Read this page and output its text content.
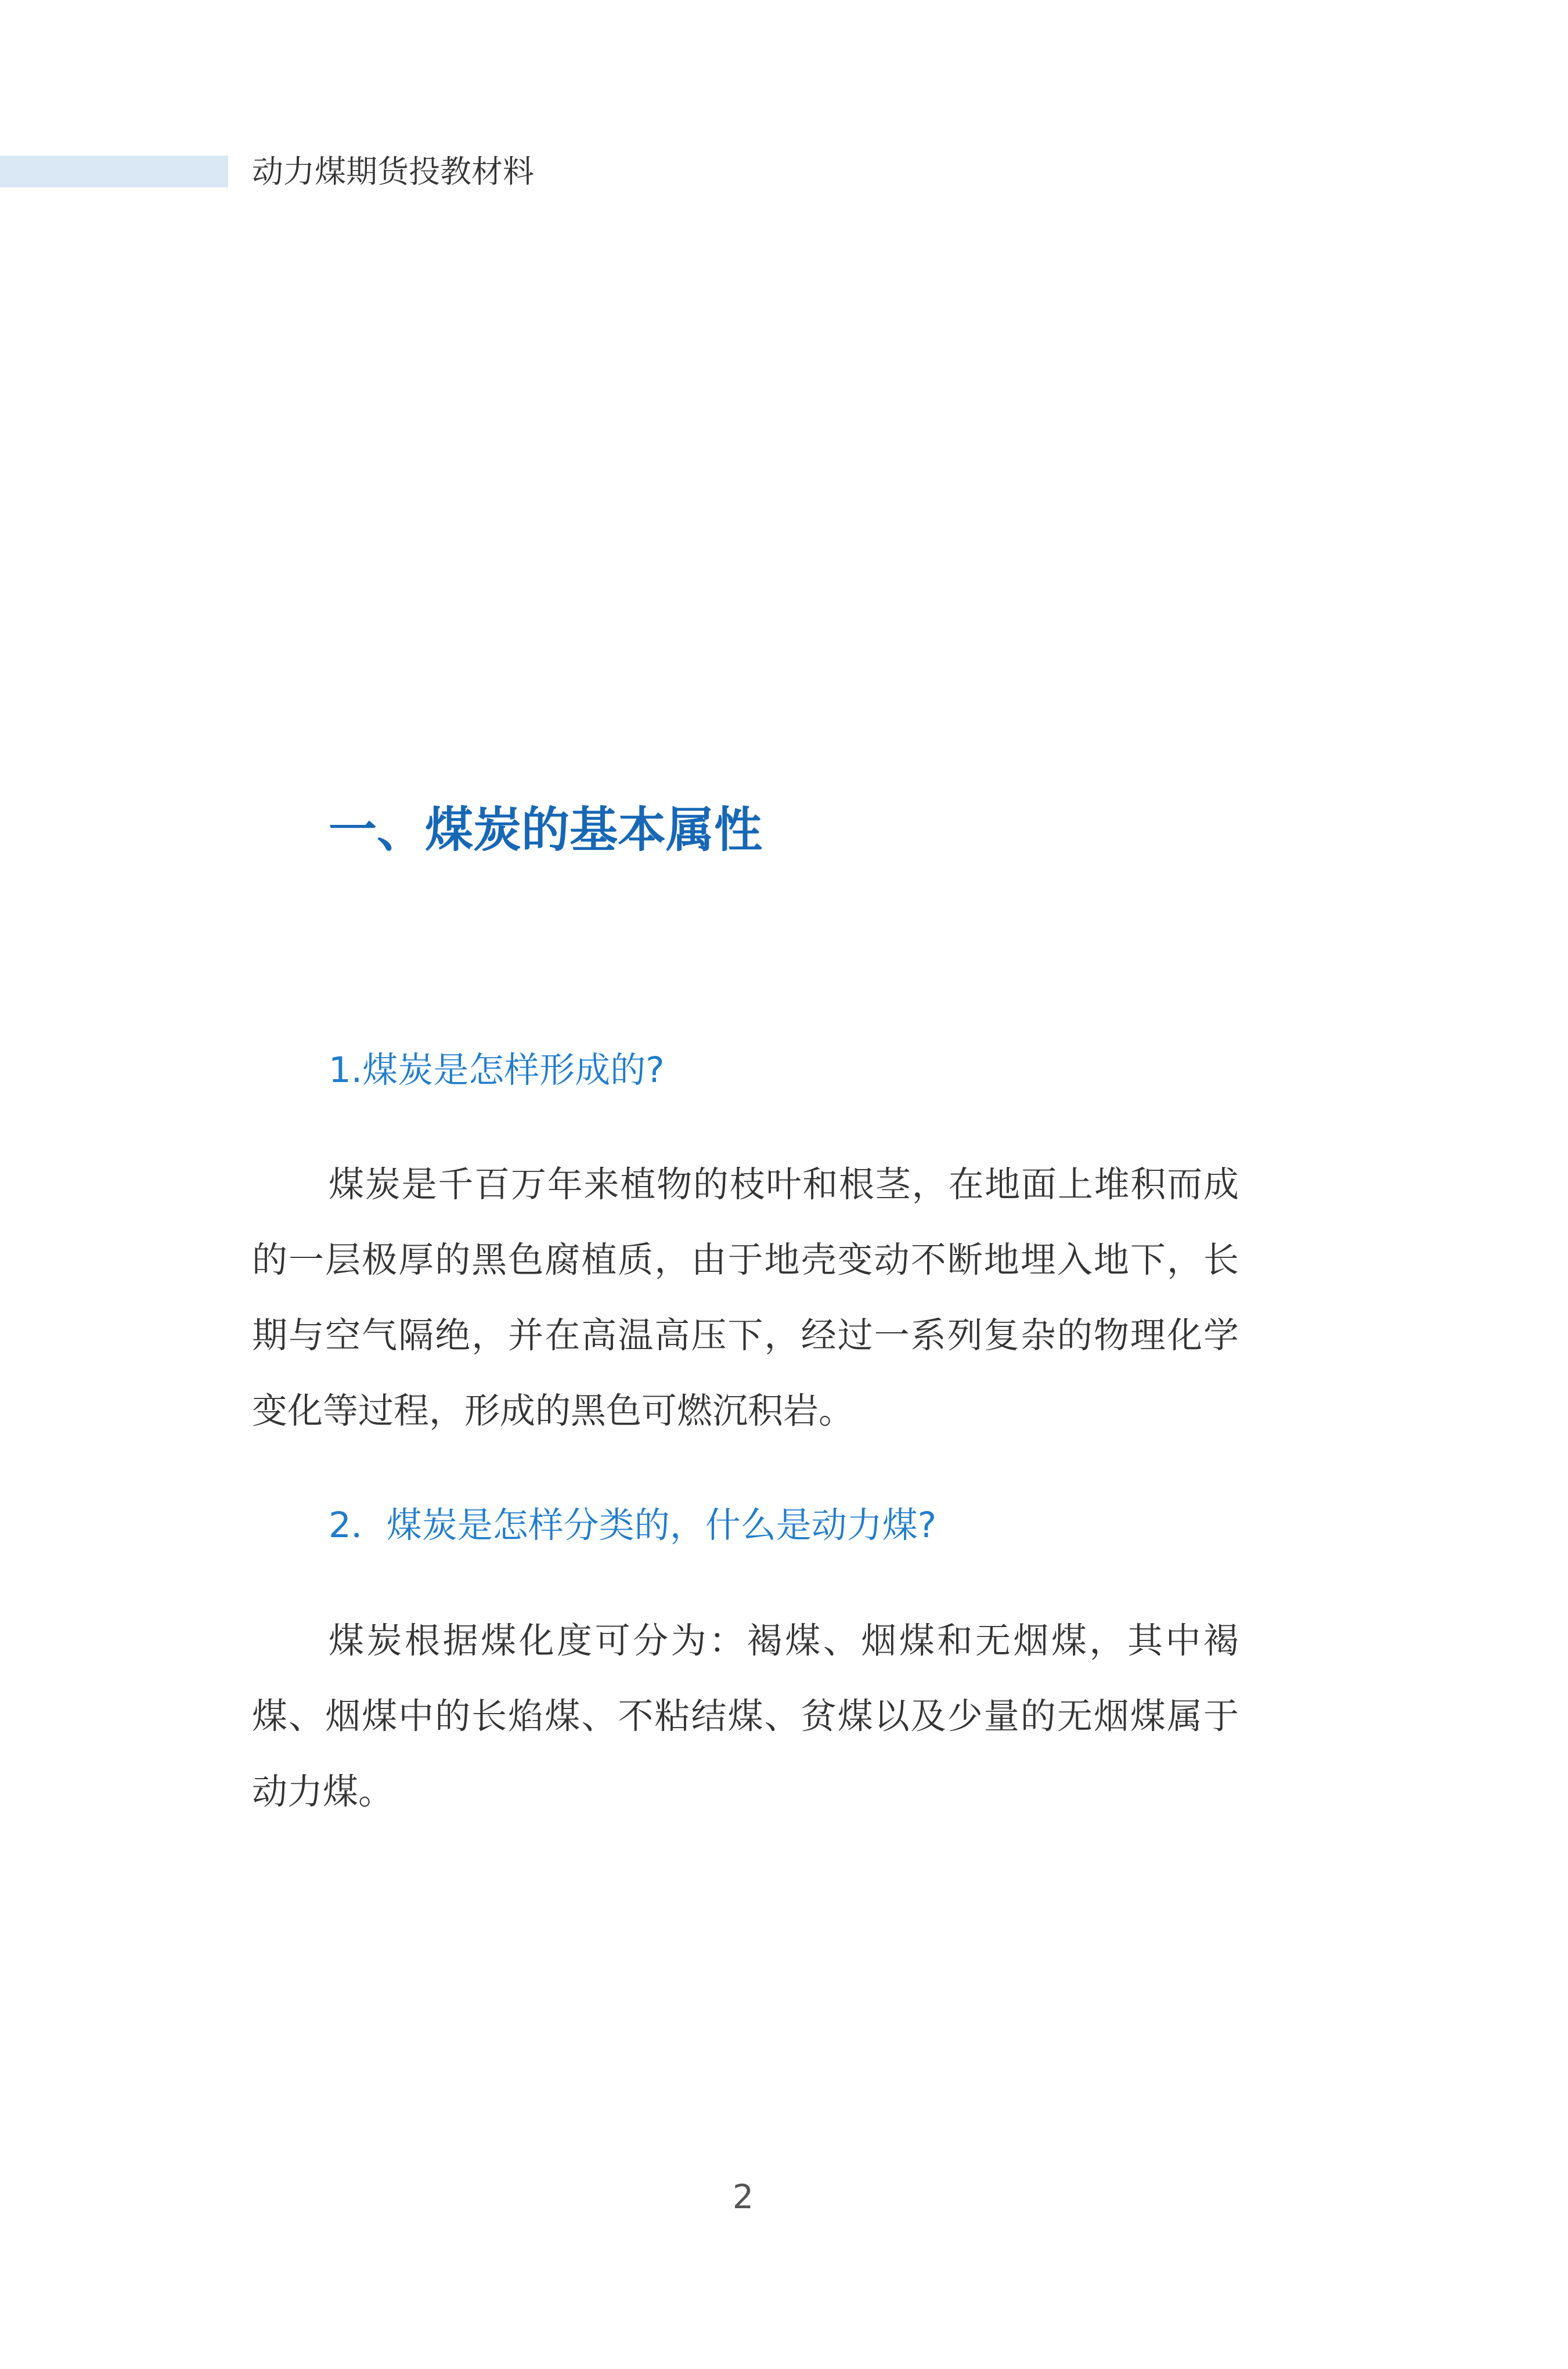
动力煤期货投教材料
一、煤炭的基本属性
1.煤炭是怎样形成的?

煤炭是千百万年来植物的枝叶和根茎，在地面上堆积而成的一层极厚的黑色腐植质，由于地壳变动不断地埋入地下，长期与空气隔绝，并在高温高压下，经过一系列复杂的物理化学变化等过程，形成的黑色可燃沉积岩。

2．煤炭是怎样分类的，什么是动力煤?

煤炭根据煤化度可分为：褐煤、烟煤和无烟煤，其中褐煤、烟煤中的长焰煤、不粘结煤、贫煤以及少量的无烟煤属于动力煤。

2
